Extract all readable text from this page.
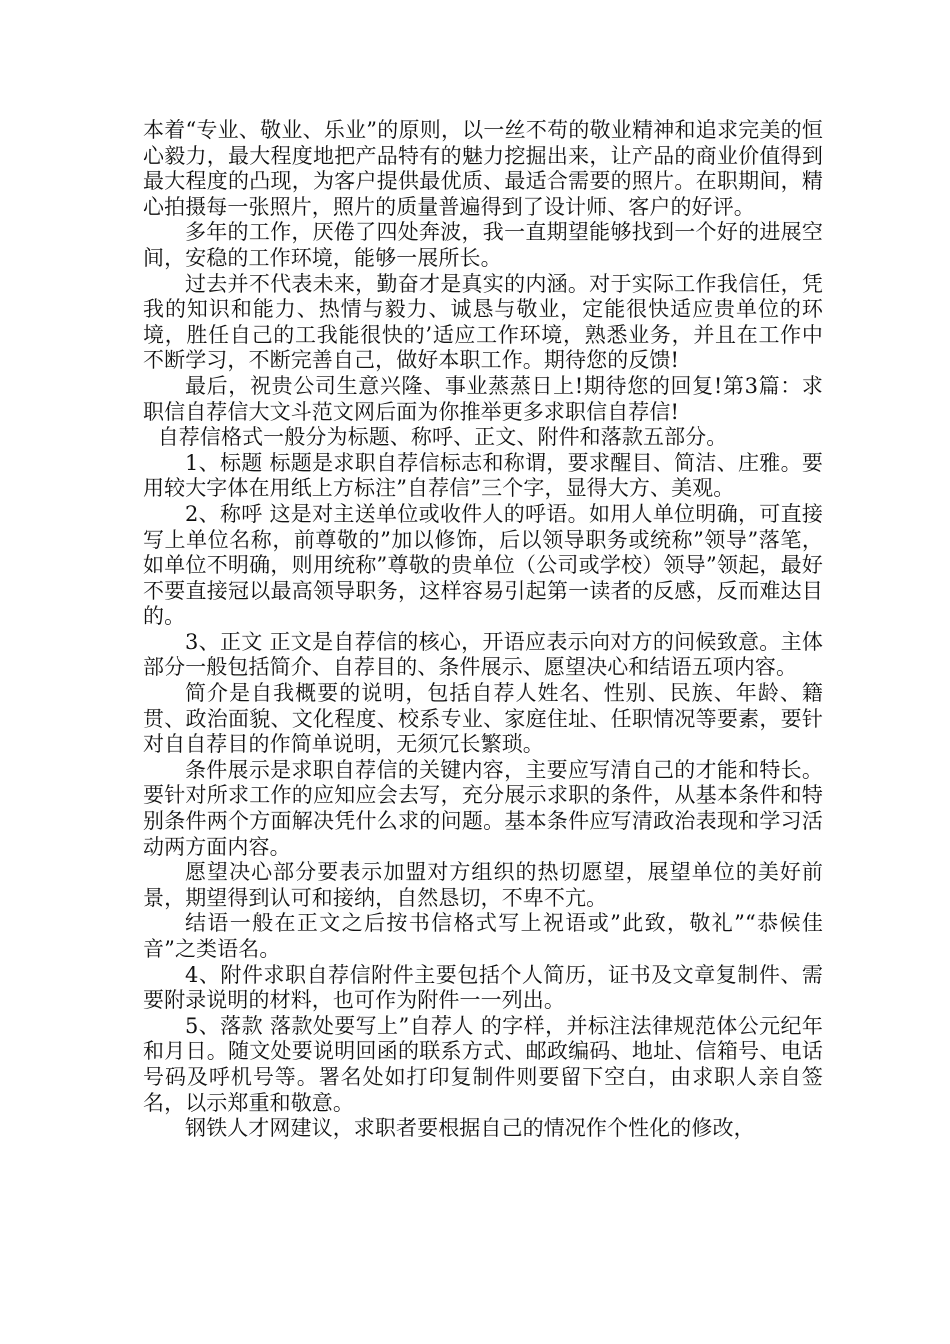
本着“专业、敬业、乐业”的原则，以一丝不苟的敬业精神和追求完美的恒心毅力，最大程度地把产品特有的魅力挖掘出来，让产品的商业价值得到最大程度的凸现，为客户提供最优质、最适合需要的照片。在职期间，精心拍摄每一张照片，照片的质量普遍得到了设计师、客户的好评。

多年的工作，厌倦了四处奔波，我一直期望能够找到一个好的进展空间，安稳的工作环境，能够一展所长。

过去并不代表未来，勤奋才是真实的内涵。对于实际工作我信任，凭我的知识和能力、热情与毅力、诚恳与敬业，定能很快适应贵单位的环境，胜任自己的工我能很快的’适应工作环境，熟悉业务，并且在工作中不断学习，不断完善自己，做好本职工作。期待您的反馈!

最后，祝贵公司生意兴隆、事业蒸蒸日上!期待您的回复!第3篇：求职信自荐信大文斗范文网后面为你推举更多求职信自荐信!

自荐信格式一般分为标题、称呼、正文、附件和落款五部分。

1、标题 标题是求职自荐信标志和称谓，要求醒目、简洁、庄雅。要用较大字体在用纸上方标注”自荐信”三个字，显得大方、美观。

2、称呼 这是对主送单位或收件人的呼语。如用人单位明确，可直接写上单位名称，前尊敬的”加以修饰，后以领导职务或统称”领导”落笔，如单位不明确，则用统称”尊敬的贵单位（公司或学校）领导”领起，最好不要直接冠以最高领导职务，这样容易引起第一读者的反感，反而难达目的。

3、正文 正文是自荐信的核心，开语应表示向对方的问候致意。主体部分一般包括简介、自荐目的、条件展示、愿望决心和结语五项内容。

简介是自我概要的说明，包括自荐人姓名、性别、民族、年龄、籍贯、政治面貌、文化程度、校系专业、家庭住址、任职情况等要素，要针对自自荐目的作简单说明，无须冗长繁琐。

条件展示是求职自荐信的关键内容，主要应写清自己的才能和特长。要针对所求工作的应知应会去写，充分展示求职的条件，从基本条件和特别条件两个方面解决凭什么求的问题。基本条件应写清政治表现和学习活动两方面内容。

愿望决心部分要表示加盟对方组织的热切愿望，展望单位的美好前景，期望得到认可和接纳，自然恳切，不卑不亢。

结语一般在正文之后按书信格式写上祝语或”此致，敬礼”“恭候佳音”之类语名。

4、附件求职自荐信附件主要包括个人简历，证书及文章复制件、需要附录说明的材料，也可作为附件一一列出。

5、落款 落款处要写上”自荐人 的字样，并标注法律规范体公元纪年和月日。随文处要说明回函的联系方式、邮政编码、地址、信箱号、电话号码及呼机号等。署名处如打印复制件则要留下空白，由求职人亲自签名，以示郑重和敬意。

钢铁人才网建议，求职者要根据自己的情况作个性化的修改，
